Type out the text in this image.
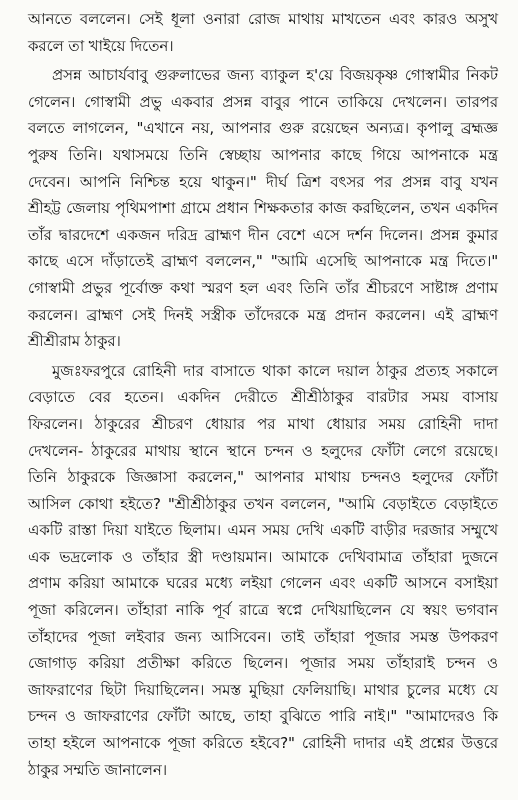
আনতে বললেন। সেই ধূলা ওনারা রোজ মাথায় মাখতেন এবং কারও অসুখ
করলে তা খাইয়ে দিতেন।
প্রসন্ন আচার্যবাবু গুরুলাভের জন্য ব্যাকুল হ'য়ে বিজয়কৃষ্ণ গোস্বামীর নিকট
গেলেন। গোস্বামী প্রভু একবার প্রসন্ন বাবুর পানে তাকিয়ে দেখলেন। তারপর
বলতে লাগলেন, "এখানে নয়, আপনার গুরু রয়েছেন অন্যত্র। কৃপালু ব্রহ্মজ্ঞ
পুরুষ তিনি। যথাসময়ে তিনি স্বেচ্ছায় আপনার কাছে গিয়ে আপনাকে মন্ত্র
দেবেন। আপনি নিশ্চিন্ত হয়ে থাকুন।" দীর্ঘ ত্রিশ বৎসর পর প্রসন্ন বাবু যখন
শ্রীহট্ট জেলায় পৃথিমপাশা গ্রামে প্রধান শিক্ষকতার কাজ করছিলেন, তখন একদিন
তাঁর দ্বারদেশে একজন দরিদ্র ব্রাহ্মণ দীন বেশে এসে দর্শন দিলেন। প্রসন্ন কুমার
কাছে এসে দাঁড়াতেই ব্রাহ্মণ বললেন," "আমি এসেছি আপনাকে মন্ত্র দিতে।"
গোস্বামী প্রভুর পূর্বোক্ত কথা স্মরণ হল এবং তিনি তাঁর শ্রীচরণে সাষ্টাঙ্গ প্রণাম
করলেন। ব্রাহ্মণ সেই দিনই সস্ত্রীক তাঁদেরকে মন্ত্র প্রদান করলেন। এই ব্রাহ্মণ
শ্রীশ্রীরাম ঠাকুর।
মুজঃফরপুরে রোহিনী দার বাসাতে থাকা কালে দয়াল ঠাকুর প্রত্যহ সকালে
বেড়াতে বের হতেন। একদিন দেরীতে শ্রীশ্রীঠাকুর বারটার সময় বাসায়
ফিরলেন। ঠাকুরের শ্রীচরণ ধোয়ার পর মাথা ধোয়ার সময় রোহিনী দাদা
দেখলেন- ঠাকুরের মাথায় স্থানে স্থানে চন্দন ও হলুদের ফোঁটা লেগে রয়েছে।
তিনি ঠাকুরকে জিজ্ঞাসা করলেন," আপনার মাথায় চন্দনও হলুদের ফোঁটা
আসিল কোথা হইতে? "শ্রীশ্রীঠাকুর তখন বললেন, "আমি বেড়াইতে বেড়াইতে
একটি রাস্তা দিয়া যাইতে ছিলাম। এমন সময় দেখি একটি বাড়ীর দরজার সম্মুখে
এক ভদ্রলোক ও তাঁহার স্ত্রী দণ্ডায়মান। আমাকে দেখিবামাত্র তাঁহারা দুজনে
প্রণাম করিয়া আমাকে ঘরের মধ্যে লইয়া গেলেন এবং একটি আসনে বসাইয়া
পূজা করিলেন। তাঁহারা নাকি পূর্ব রাত্রে স্বপ্নে দেখিয়াছিলেন যে স্বয়ং ভগবান
তাঁহাদের পূজা লইবার জন্য আসিবেন। তাই তাঁহারা পূজার সমস্ত উপকরণ
জোগাড় করিয়া প্রতীক্ষা করিতে ছিলেন। পূজার সময় তাঁহারাই চন্দন ও
জাফরাণের ছিটা দিয়াছিলেন। সমস্ত মুছিয়া ফেলিয়াছি। মাথার চুলের মধ্যে যে
চন্দন ও জাফরাণের ফোঁটা আছে, তাহা বুঝিতে পারি নাই।" "আমাদেরও কি
তাহা হইলে আপনাকে পূজা করিতে হইবে?" রোহিনী দাদার এই প্রশ্নের উত্তরে
ঠাকুর সম্মতি জানালেন।
